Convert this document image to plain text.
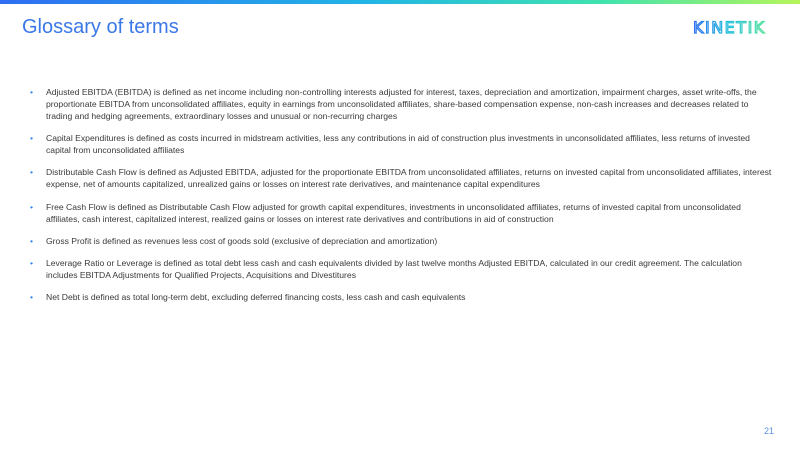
Glossary of terms	KINETIK
• Adjusted EBITDA (EBITDA) is defined as net income including non-controlling interests adjusted for interest, taxes, depreciation and amortization, impairment charges, asset write-offs, the proportionate EBITDA from unconsolidated affiliates, equity in earnings from unconsolidated affiliates, share-based compensation expense, non-cash increases and decreases related to trading and hedging agreements, extraordinary losses and unusual or non-recurring charges
• Capital Expenditures is defined as costs incurred in midstream activities, less any contributions in aid of construction plus investments in unconsolidated affiliates, less returns of invested capital from unconsolidated affiliates
• Distributable Cash Flow is defined as Adjusted EBITDA, adjusted for the proportionate EBITDA from unconsolidated affiliates, returns on invested capital from unconsolidated affiliates, interest expense, net of amounts capitalized, unrealized gains or losses on interest rate derivatives, and maintenance capital expenditures
• Free Cash Flow is defined as Distributable Cash Flow adjusted for growth capital expenditures, investments in unconsolidated affiliates, returns of invested capital from unconsolidated affiliates, cash interest, capitalized interest, realized gains or losses on interest rate derivatives and contributions in aid of construction
• Gross Profit is defined as revenues less cost of goods sold (exclusive of depreciation and amortization)
• Leverage Ratio or Leverage is defined as total debt less cash and cash equivalents divided by last twelve months Adjusted EBITDA, calculated in our credit agreement. The calculation includes EBITDA Adjustments for Qualified Projects, Acquisitions and Divestitures
• Net Debt is defined as total long-term debt, excluding deferred financing costs, less cash and cash equivalents
21
